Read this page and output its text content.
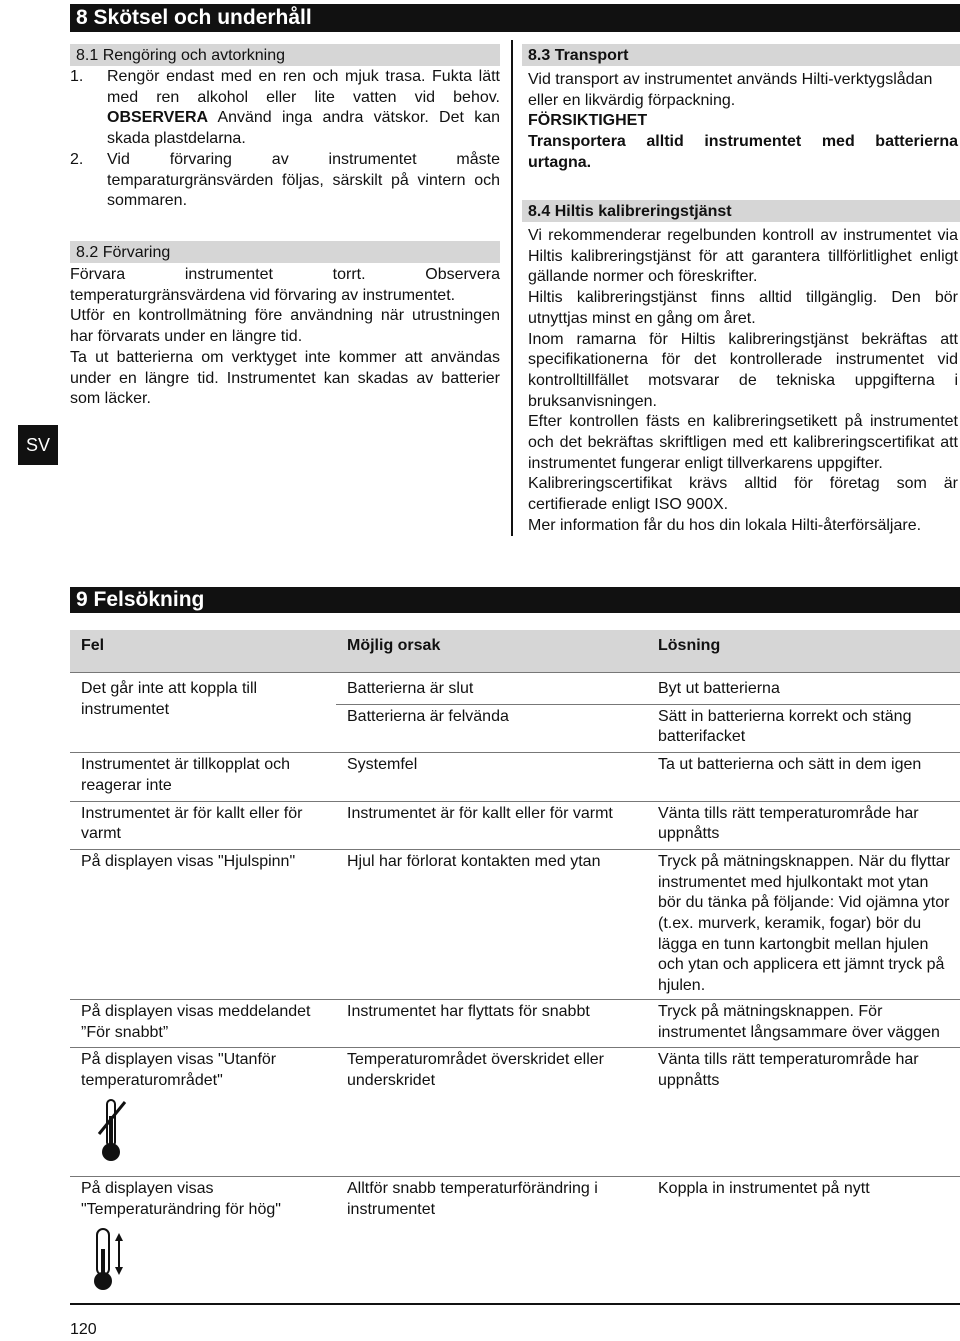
8 Skötsel och underhåll
SV
8.1 Rengöring och avtorkning
1.	Rengör endast med en ren och mjuk trasa. Fukta lätt med ren alkohol eller lite vatten vid behov. OBSERVERA Använd inga andra vätskor. Det kan skada plastdelarna.
2.	Vid förvaring av instrumentet måste temparaturgränsvärden följas, särskilt på vintern och sommaren.
8.2 Förvaring

Förvara instrumentet torrt. Observera temperaturgränsvärdena vid förvaring av instrumentet.

Utför en kontrollmätning före användning när utrustningen har förvarats under en längre tid.

Ta ut batterierna om verktyget inte kommer att användas under en längre tid. Instrumentet kan skadas av batterier som läcker.

8.3 Transport

Vid transport av instrumentet används Hilti-verktygslådan eller en likvärdig förpackning.

FÖRSIKTIGHET

Transportera alltid instrumentet med batterierna urtagna.

8.4 Hiltis kalibreringstjänst

Vi rekommenderar regelbunden kontroll av instrumentet via Hiltis kalibreringstjänst för att garantera tillförlitlighet enligt gällande normer och föreskrifter.

Hiltis kalibreringstjänst finns alltid tillgänglig. Den bör utnyttjas minst en gång om året.

Inom ramarna för Hiltis kalibreringstjänst bekräftas att specifikationerna för det kontrollerade instrumentet vid kontrolltillfället motsvarar de tekniska uppgifterna i bruksanvisningen.

Efter kontrollen fästs en kalibreringsetikett på instrumentet och det bekräftas skriftligen med ett kalibreringscertifikat att instrumentet fungerar enligt tillverkarens uppgifter.

Kalibreringscertifikat krävs alltid för företag som är certifierade enligt ISO 900X.

Mer information får du hos din lokala Hilti-återförsäljare.

9 Felsökning
Fel	Möjlig orsak	Lösning
Det går inte att koppla till instrumentet	Batterierna är slut	Byt ut batterierna
	Batterierna är felvända	Sätt in batterierna korrekt och stäng batterifacket
Instrumentet är tillkopplat och reagerar inte	Systemfel	Ta ut batterierna och sätt in dem igen
Instrumentet är för kallt eller för varmt	Instrumentet är för kallt eller för varmt	Vänta tills rätt temperaturområde har uppnåtts
På displayen visas "Hjulspinn"	Hjul har förlorat kontakten med ytan	Tryck på mätningsknappen. När du flyttar instrumentet med hjulkontakt mot ytan bör du tänka på följande: Vid ojämna ytor (t.ex. murverk, keramik, fogar) bör du lägga en tunn kartongbit mellan hjulen och ytan och applicera ett jämnt tryck på hjulen.
På displayen visas meddelandet ”För snabbt”	Instrumentet har flyttats för snabbt	Tryck på mätningsknappen. För instrumentet långsammare över väggen

På displayen visas "Utanför temperaturområdet"	Temperaturområdet överskridet eller underskridet	Vänta tills rätt temperaturområde har uppnåtts

På displayen visas "Temperaturändring för hög"	Alltför snabb temperaturförändring i instrumentet	Koppla in instrumentet på nytt
120
